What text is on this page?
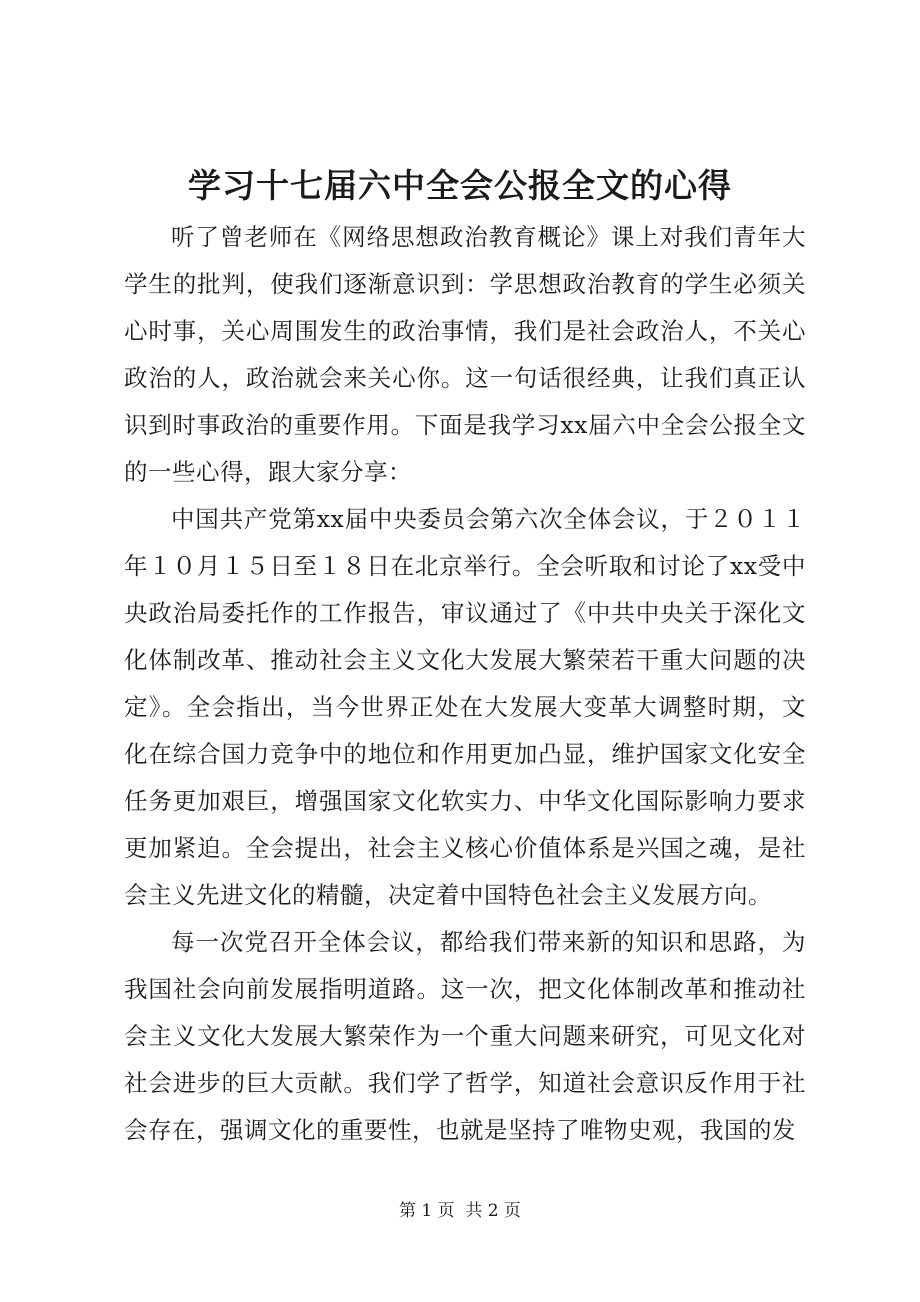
学习十七届六中全会公报全文的心得

听了曾老师在《网络思想政治教育概论》课上对我们青年大学生的批判，使我们逐渐意识到：学思想政治教育的学生必须关心时事，关心周围发生的政治事情，我们是社会政治人，不关心政治的人，政治就会来关心你。这一句话很经典，让我们真正认识到时事政治的重要作用。下面是我学习xx届六中全会公报全文的一些心得，跟大家分享：

中国共产党第xx届中央委员会第六次全体会议，于２０１１年１０月１５日至１８日在北京举行。全会听取和讨论了xx受中央政治局委托作的工作报告，审议通过了《中共中央关于深化文化体制改革、推动社会主义文化大发展大繁荣若干重大问题的决定》。全会指出，当今世界正处在大发展大变革大调整时期，文化在综合国力竞争中的地位和作用更加凸显，维护国家文化安全任务更加艰巨，增强国家文化软实力、中华文化国际影响力要求更加紧迫。全会提出，社会主义核心价值体系是兴国之魂，是社会主义先进文化的精髓，决定着中国特色社会主义发展方向。

每一次党召开全体会议，都给我们带来新的知识和思路，为我国社会向前发展指明道路。这一次，把文化体制改革和推动社会主义文化大发展大繁荣作为一个重大问题来研究，可见文化对社会进步的巨大贡献。我们学了哲学，知道社会意识反作用于社会存在，强调文化的重要性，也就是坚持了唯物史观，我国的发

第 1 页  共 2 页
